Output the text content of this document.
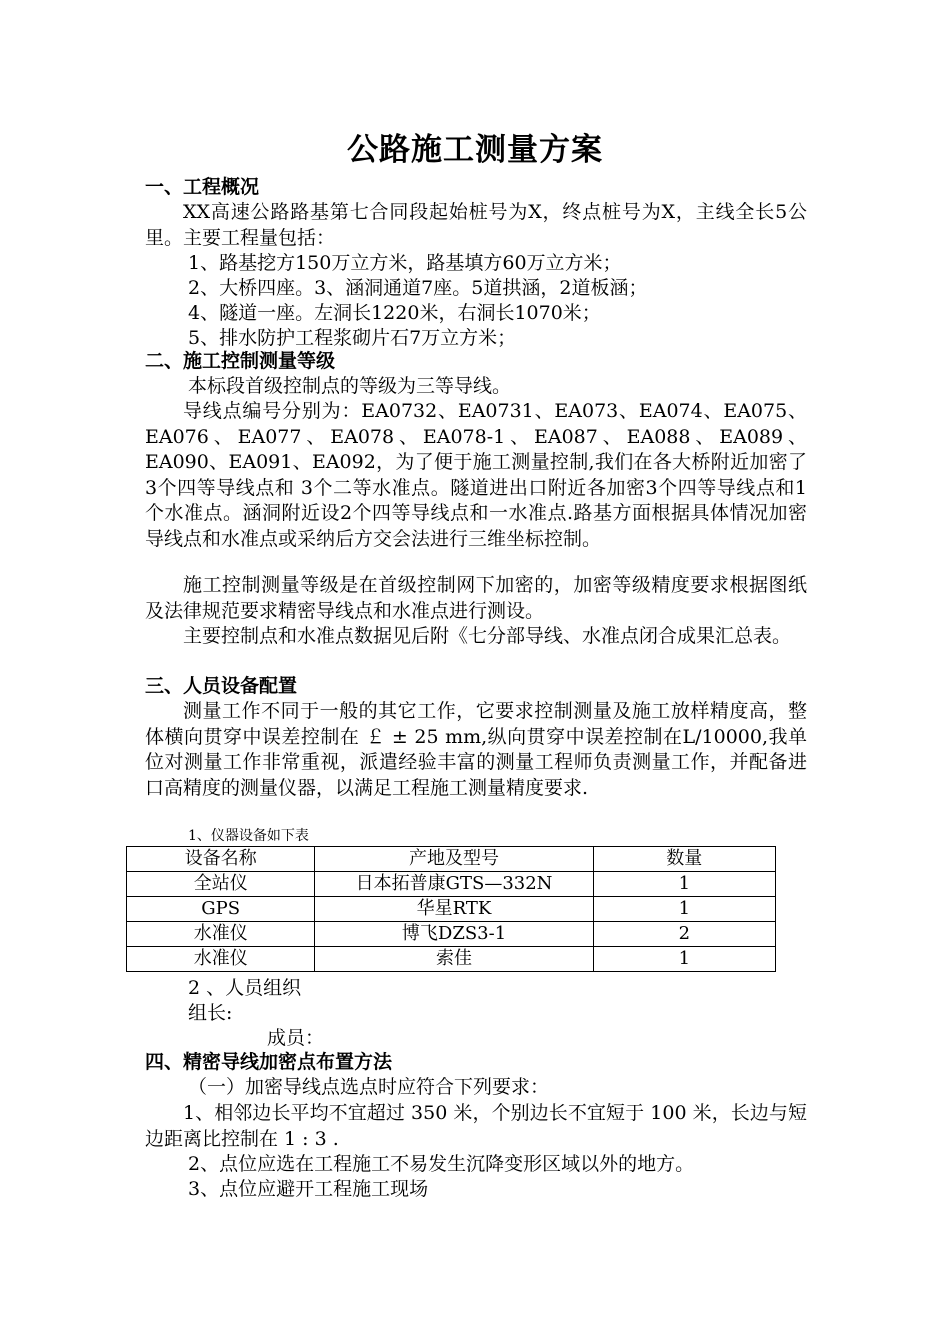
公路施工测量方案
一、工程概况
XX高速公路路基第七合同段起始桩号为X，终点桩号为X，主线全长5公里。主要工程量包括：
1、路基挖方150万立方米，路基填方60万立方米；
2、大桥四座。3、涵洞通道7座。5道拱涵，2道板涵；
4、隧道一座。左洞长1220米，右洞长1070米；
5、排水防护工程浆砌片石7万立方米；
二、施工控制测量等级
本标段首级控制点的等级为三等导线。
导线点编号分别为：EA0732、EA0731、EA073、EA074、EA075、EA076、EA077、EA078、EA078-1、EA087、EA088、EA089、EA090、EA091、EA092，为了便于施工测量控制,我们在各大桥附近加密了3个四等导线点和 3个二等水准点。隧道进出口附近各加密3个四等导线点和1个水准点。涵洞附近设2个四等导线点和一水准点.路基方面根据具体情况加密导线点和水准点或采纳后方交会法进行三维坐标控制。
施工控制测量等级是在首级控制网下加密的，加密等级精度要求根据图纸及法律规范要求精密导线点和水准点进行测设。
主要控制点和水准点数据见后附《七分部导线、水准点闭合成果汇总表。
三、人员设备配置
测量工作不同于一般的其它工作，它要求控制测量及施工放样精度高，整体横向贯穿中误差控制在 ￡ ± 25 mm,纵向贯穿中误差控制在L/10000,我单位对测量工作非常重视，派遣经验丰富的测量工程师负责测量工作，并配备进口高精度的测量仪器，以满足工程施工测量精度要求.
1、仪器设备如下表
设备名称	产地及型号	数量
全站仪	日本拓普康GTS—332N	1
GPS	华星RTK	1
水准仪	博飞DZS3-1	2
水准仪	索佳	1
2 、人员组织
组长:
成员：
四、精密导线加密点布置方法
（一）加密导线点选点时应符合下列要求：
1、相邻边长平均不宜超过 350 米，个别边长不宜短于 100 米，长边与短边距离比控制在 1 : 3 .
2、点位应选在工程施工不易发生沉降变形区域以外的地方。
3、点位应避开工程施工现场
